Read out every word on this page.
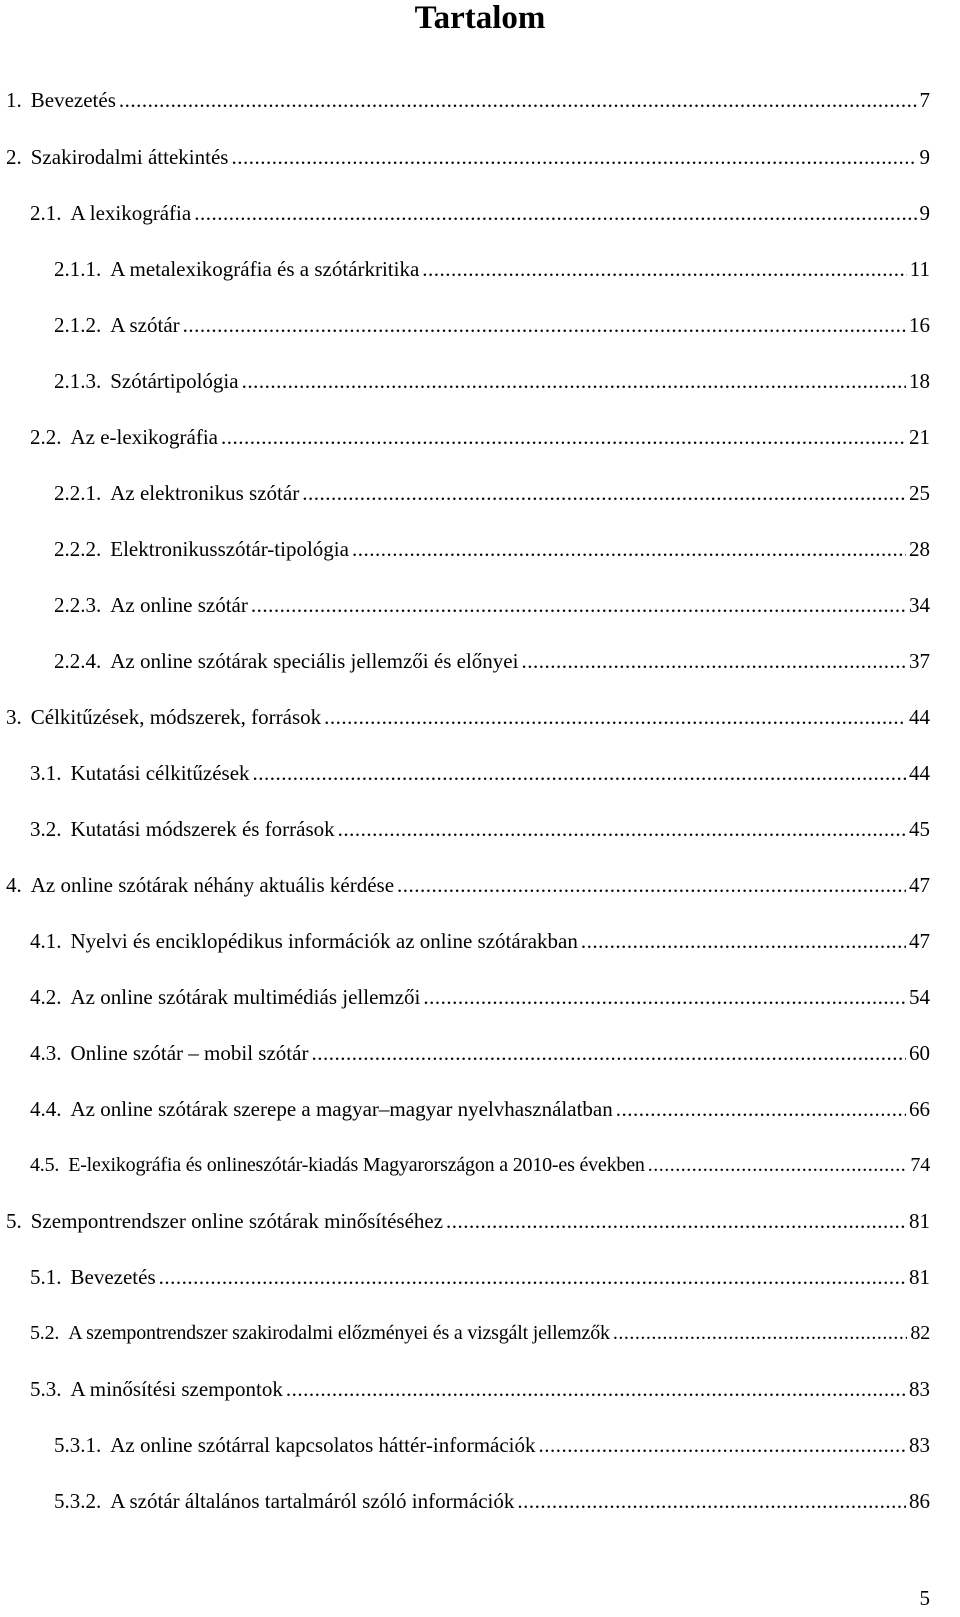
Tartalom
1. Bevezetés .....	7
2. Szakirodalmi áttekintés .....	9
2.1. A lexikográfia .....	9
2.1.1. A metalexikográfia és a szótárkritika .....	11
2.1.2. A szótár .....	16
2.1.3. Szótártipológia .....	18
2.2. Az e-lexikográfia .....	21
2.2.1. Az elektronikus szótár .....	25
2.2.2. Elektronikusszótár-tipológia .....	28
2.2.3. Az online szótár .....	34
2.2.4. Az online szótárak speciális jellemzői és előnyei .....	37
3. Célkitűzések, módszerek, források .....	44
3.1. Kutatási célkitűzések .....	44
3.2. Kutatási módszerek és források .....	45
4. Az online szótárak néhány aktuális kérdése .....	47
4.1. Nyelvi és enciklopédikus információk az online szótárakban .....	47
4.2. Az online szótárak multimédiás jellemzői .....	54
4.3. Online szótár – mobil szótár .....	60
4.4. Az online szótárak szerepe a magyar–magyar nyelvhasználatban .....	66
4.5. E-lexikográfia és onlineszótár-kiadás Magyarországon a 2010-es években .....	74
5. Szempontrendszer online szótárak minősítéséhez .....	81
5.1. Bevezetés .....	81
5.2. A szempontrendszer szakirodalmi előzményei és a vizsgált jellemzők .....	82
5.3. A minősítési szempontok .....	83
5.3.1. Az online szótárral kapcsolatos háttér-információk .....	83
5.3.2. A szótár általános tartalmáról szóló információk .....	86
5
